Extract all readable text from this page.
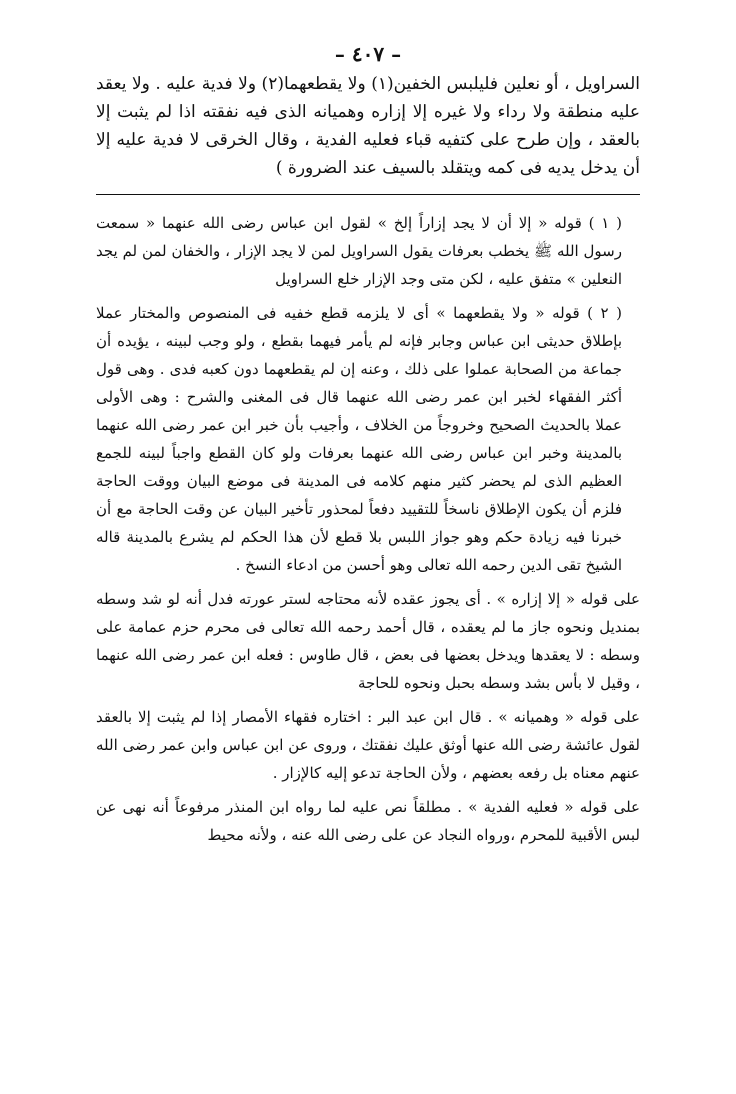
– ٤٠٧ –

السراويل ، أو نعلين فليلبس الخفين(١) ولا يقطعهما(٢) ولا فدية عليه . ولا يعقد عليه منطقة ولا رداء ولا غيره إلا إزاره وهميانه الذى فيه نفقته اذا لم يثبت إلا بالعقد ، وإن طرح على كتفيه قباء فعليه الفدية ، وقال الخرقى لا فدية عليه إلا أن يدخل يديه فى كمه ويتقلد بالسيف عند الضرورة )

( ١ ) قوله « إلا أن لا يجد إزاراً إلخ » لقول ابن عباس رضى الله عنهما « سمعت رسول الله ﷺ يخطب بعرفات يقول السراويل لمن لا يجد الإزار ، والخفان لمن لم يجد النعلين » متفق عليه ، لكن متى وجد الإزار خلع السراويل

( ٢ ) قوله « ولا يقطعهما » أى لا يلزمه قطع خفيه فى المنصوص والمختار عملا بإطلاق حديثى ابن عباس وجابر فإنه لم يأمر فيهما بقطع ، ولو وجب لبينه ، يؤيده أن جماعة من الصحابة عملوا على ذلك ، وعنه إن لم يقطعهما دون كعبه فدى . وهى قول أكثر الفقهاء لخبر ابن عمر رضى الله عنهما قال فى المغنى والشرح : وهى الأولى عملا بالحديث الصحيح وخروجاً من الخلاف ، وأجيب بأن خبر ابن عمر رضى الله عنهما بالمدينة وخبر ابن عباس رضى الله عنهما بعرفات ولو كان القطع واجباً لبينه للجمع العظيم الذى لم يحضر كثير منهم كلامه فى المدينة فى موضع البيان ووقت الحاجة فلزم أن يكون الإطلاق ناسخاً للتقييد دفعاً لمحذور تأخير البيان عن وقت الحاجة مع أن خبرنا فيه زيادة حكم وهو جواز اللبس بلا قطع لأن هذا الحكم لم يشرع بالمدينة قاله الشيخ تقى الدين رحمه الله تعالى وهو أحسن من ادعاء النسخ .

على قوله « إلا إزاره » . أى يجوز عقده لأنه محتاجه لستر عورته فدل أنه لو شد وسطه بمنديل ونحوه جاز ما لم يعقده ، قال أحمد رحمه الله تعالى فى محرم حزم عمامة على وسطه : لا يعقدها ويدخل بعضها فى بعض ، قال طاوس : فعله ابن عمر رضى الله عنهما ، وقيل لا بأس بشد وسطه بحبل ونحوه للحاجة

على قوله « وهميانه » . قال ابن عبد البر : اختاره فقهاء الأمصار إذا لم يثبت إلا بالعقد لقول عائشة رضى الله عنها أوثق عليك نفقتك ، وروى عن ابن عباس وابن عمر رضى الله عنهم معناه بل رفعه بعضهم ، ولأن الحاجة تدعو إليه كالإزار .

على قوله « فعليه الفدية » . مطلقاً نص عليه لما رواه ابن المنذر مرفوعاً أنه نهى عن لبس الأقبية للمحرم ،ورواه النجاد عن على رضى الله عنه ، ولأنه محيط
